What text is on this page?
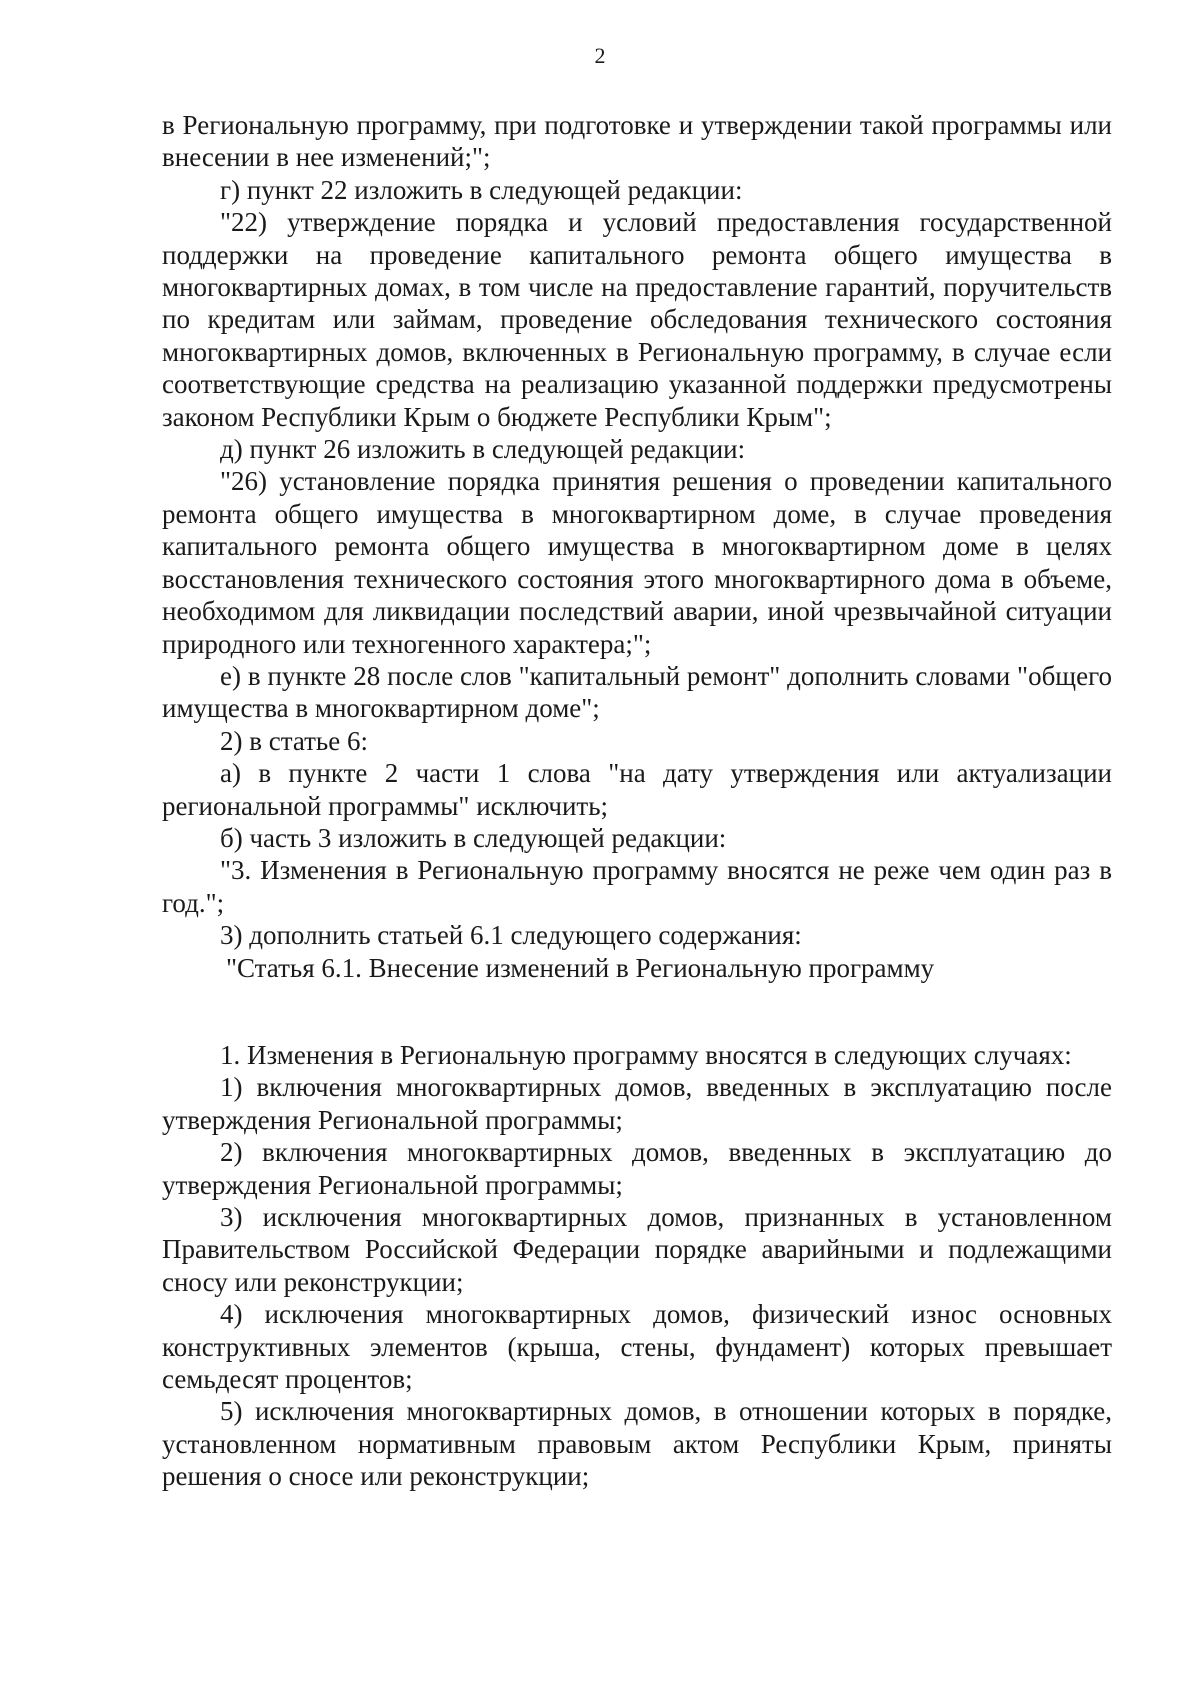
2

в Региональную программу, при подготовке и утверждении такой программы или внесении в нее изменений;";

г) пункт 22 изложить в следующей редакции:

"22) утверждение порядка и условий предоставления государственной поддержки на проведение капитального ремонта общего имущества в многоквартирных домах, в том числе на предоставление гарантий, поручительств по кредитам или займам, проведение обследования технического состояния многоквартирных домов, включенных в Региональную программу, в случае если соответствующие средства на реализацию указанной поддержки предусмотрены законом Республики Крым о бюджете Республики Крым";

д) пункт 26 изложить в следующей редакции:

"26) установление порядка принятия решения о проведении капитального ремонта общего имущества в многоквартирном доме, в случае проведения капитального ремонта общего имущества в многоквартирном доме в целях восстановления технического состояния этого многоквартирного дома в объеме, необходимом для ликвидации последствий аварии, иной чрезвычайной ситуации природного или техногенного характера;";

е) в пункте 28 после слов "капитальный ремонт" дополнить словами "общего имущества в многоквартирном доме";

2) в статье 6:

а) в пункте 2 части 1 слова "на дату утверждения или актуализации региональной программы" исключить;

б) часть 3 изложить в следующей редакции:

"3. Изменения в Региональную программу вносятся не реже чем один раз в год.";

3) дополнить статьей 6.1 следующего содержания:

"Статья 6.1. Внесение изменений в Региональную программу

1. Изменения в Региональную программу вносятся в следующих случаях:

1) включения многоквартирных домов, введенных в эксплуатацию после утверждения Региональной программы;

2) включения многоквартирных домов, введенных в эксплуатацию до утверждения Региональной программы;

3) исключения многоквартирных домов, признанных в установленном Правительством Российской Федерации порядке аварийными и подлежащими сносу или реконструкции;

4) исключения многоквартирных домов, физический износ основных конструктивных элементов (крыша, стены, фундамент) которых превышает семьдесят процентов;

5) исключения многоквартирных домов, в отношении которых в порядке, установленном нормативным правовым актом Республики Крым, приняты решения о сносе или реконструкции;
